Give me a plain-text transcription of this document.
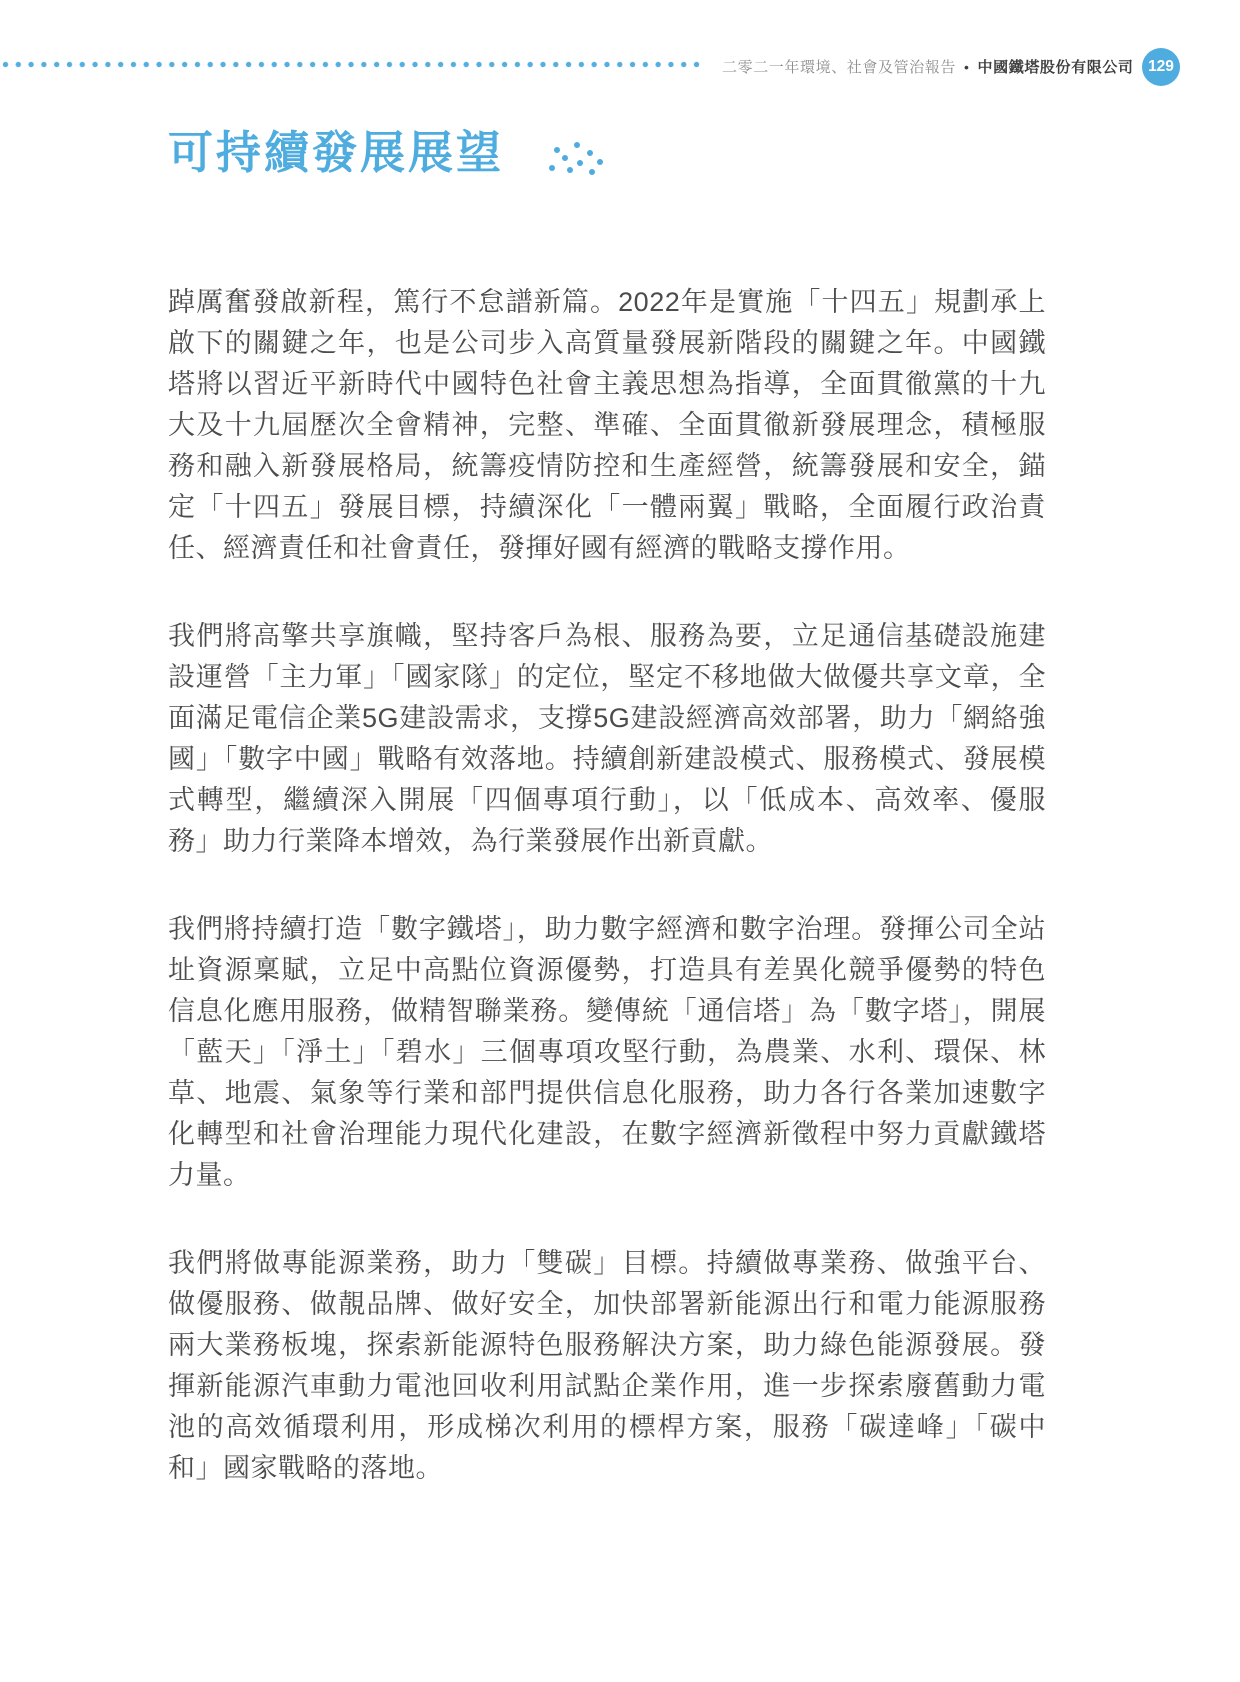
二零二一年環境、社會及管治報告 • 中國鐵塔股份有限公司 129
可持續發展展望

踔厲奮發啟新程，篤行不怠譜新篇。2022年是實施「十四五」規劃承上啟下的關鍵之年，也是公司步入高質量發展新階段的關鍵之年。中國鐵塔將以習近平新時代中國特色社會主義思想為指導，全面貫徹黨的十九大及十九屆歷次全會精神，完整、準確、全面貫徹新發展理念，積極服務和融入新發展格局，統籌疫情防控和生產經營，統籌發展和安全，錨定「十四五」發展目標，持續深化「一體兩翼」戰略，全面履行政治責任、經濟責任和社會責任，發揮好國有經濟的戰略支撐作用。

我們將高擎共享旗幟，堅持客戶為根、服務為要，立足通信基礎設施建設運營「主力軍」「國家隊」的定位，堅定不移地做大做優共享文章，全面滿足電信企業5G建設需求，支撐5G建設經濟高效部署，助力「網絡強國」「數字中國」戰略有效落地。持續創新建設模式、服務模式、發展模式轉型，繼續深入開展「四個專項行動」，以「低成本、高效率、優服務」助力行業降本增效，為行業發展作出新貢獻。

我們將持續打造「數字鐵塔」，助力數字經濟和數字治理。發揮公司全站址資源稟賦，立足中高點位資源優勢，打造具有差異化競爭優勢的特色信息化應用服務，做精智聯業務。變傳統「通信塔」為「數字塔」，開展「藍天」「淨土」「碧水」三個專項攻堅行動，為農業、水利、環保、林草、地震、氣象等行業和部門提供信息化服務，助力各行各業加速數字化轉型和社會治理能力現代化建設，在數字經濟新徵程中努力貢獻鐵塔力量。

我們將做專能源業務，助力「雙碳」目標。持續做專業務、做強平台、做優服務、做靚品牌、做好安全，加快部署新能源出行和電力能源服務兩大業務板塊，探索新能源特色服務解決方案，助力綠色能源發展。發揮新能源汽車動力電池回收利用試點企業作用，進一步探索廢舊動力電池的高效循環利用，形成梯次利用的標桿方案，服務「碳達峰」「碳中和」國家戰略的落地。
